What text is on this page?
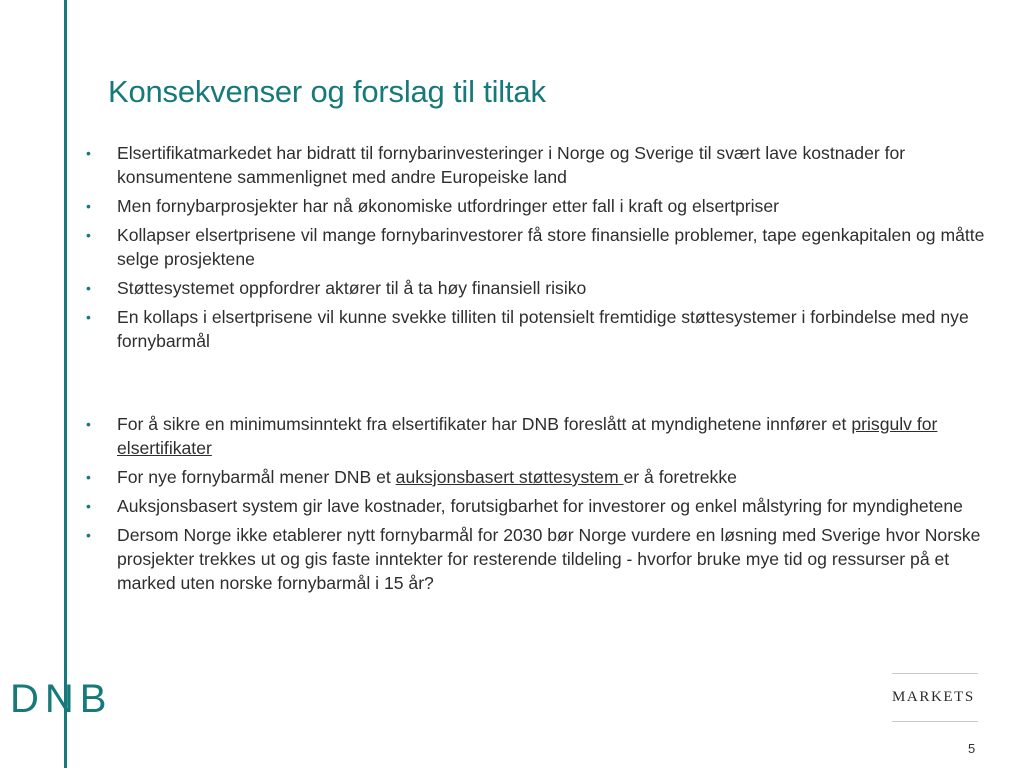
Konsekvenser og forslag til tiltak
• Elsertifikatmarkedet har bidratt til fornybarinvesteringer i Norge og Sverige til svært lave kostnader for konsumentene sammenlignet med andre Europeiske land
• Men fornybarprosjekter har nå økonomiske utfordringer etter fall i kraft og elsertpriser
• Kollapser elsertprisene vil mange fornybarinvestorer få store finansielle problemer, tape egenkapitalen og måtte selge prosjektene
• Støttesystemet oppfordrer aktører til å ta høy finansiell risiko
• En kollaps i elsertprisene vil kunne svekke tilliten til potensielt fremtidige støttesystemer i forbindelse med nye fornybarmål
• For å sikre en minimumsinntekt fra elsertifikater har DNB foreslått at myndighetene innfører et prisgulv for elsertifikater
• For nye fornybarmål mener DNB et auksjonsbasert støttesystem er å foretrekke
• Auksjonsbasert system gir lave kostnader, forutsigbarhet for investorer og enkel målstyring for myndighetene
• Dersom Norge ikke etablerer nytt fornybarmål for 2030 bør Norge vurdere en løsning med Sverige hvor Norske prosjekter trekkes ut og gis faste inntekter for resterende tildeling - hvorfor bruke mye tid og ressurser på et marked uten norske fornybarmål i 15 år?
DNB	MARKETS
5
